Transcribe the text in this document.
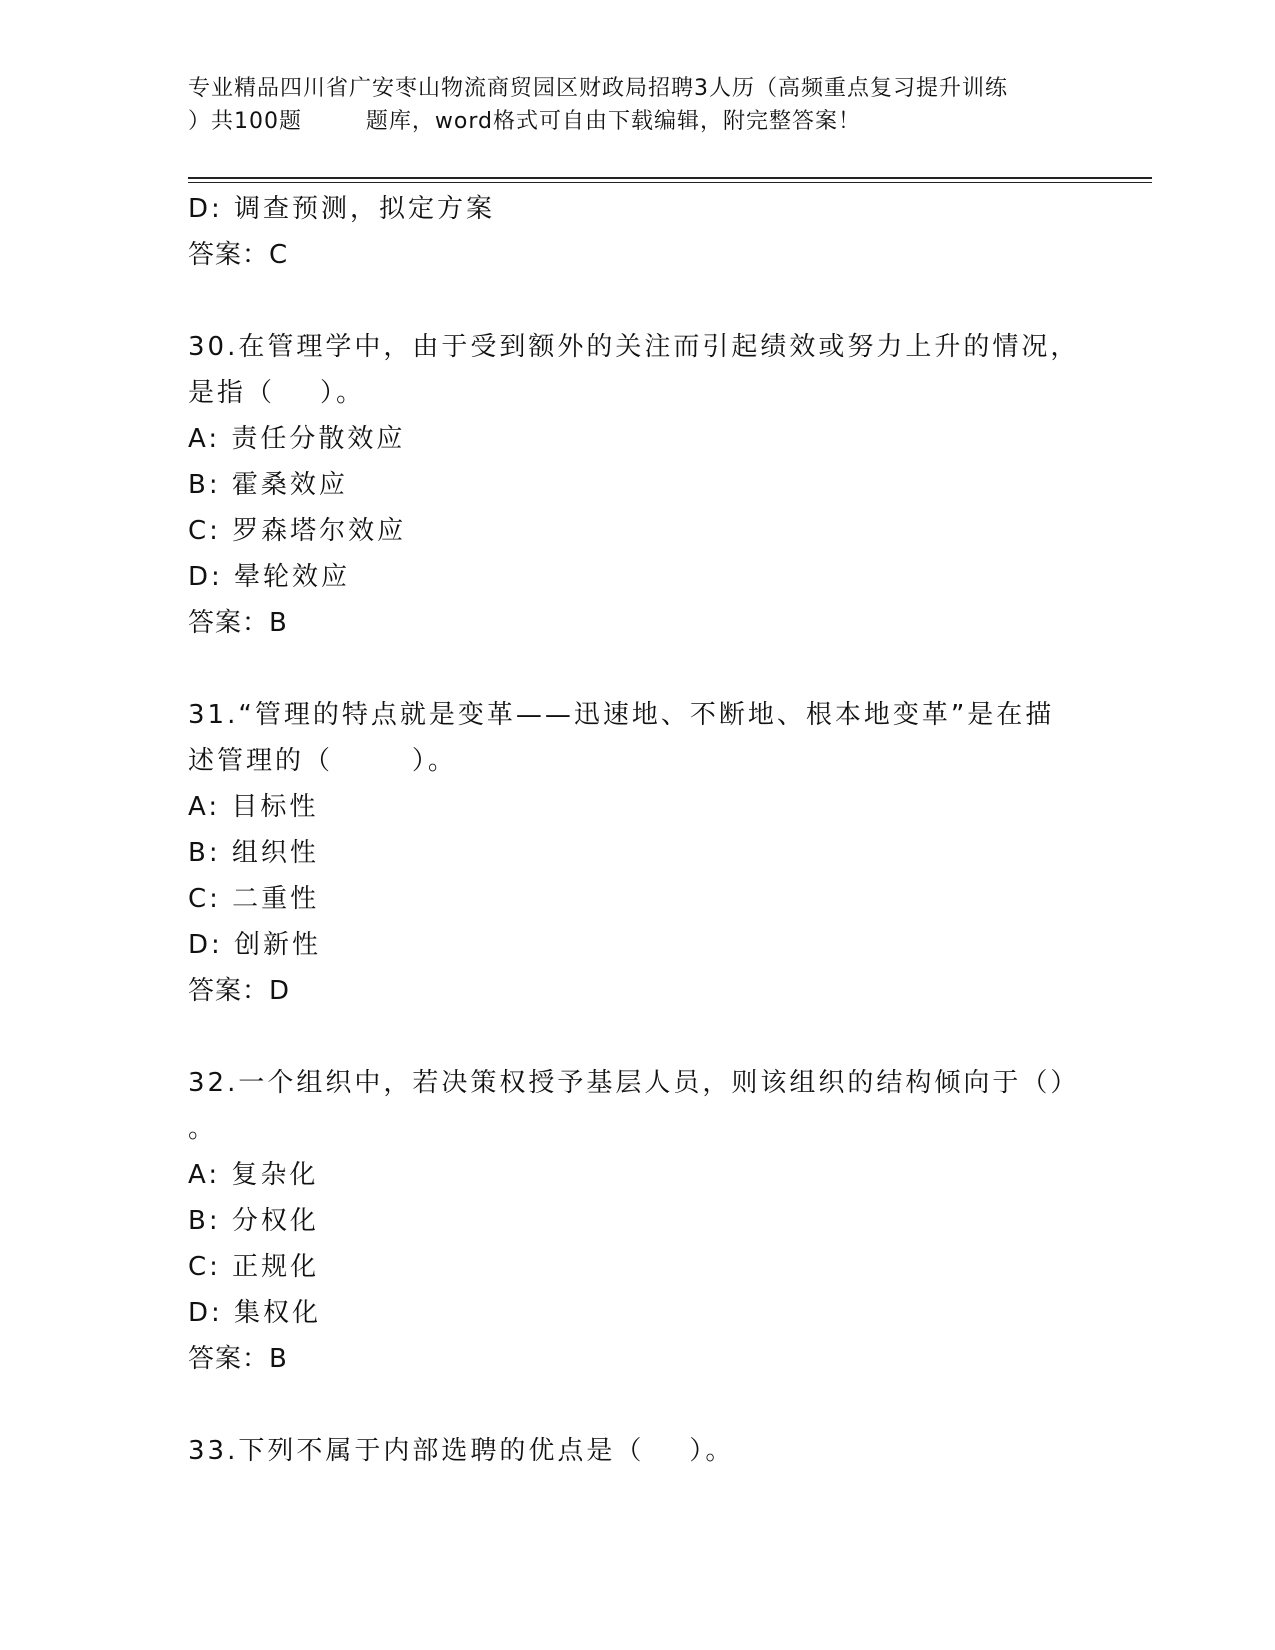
专业精品四川省广安枣山物流商贸园区财政局招聘3人历（高频重点复习提升训练
）共100题        题库，word格式可自由下载编辑，附完整答案！
D: 调查预测，拟定方案
答案：C
30.在管理学中，由于受到额外的关注而引起绩效或努力上升的情况，
是指（    ）。
A: 责任分散效应
B: 霍桑效应
C: 罗森塔尔效应
D: 晕轮效应
答案：B
31.“管理的特点就是变革——迅速地、不断地、根本地变革”是在描
述管理的（       ）。
A: 目标性
B: 组织性
C: 二重性
D: 创新性
答案：D
32.一个组织中，若决策权授予基层人员，则该组织的结构倾向于（）
。
A: 复杂化
B: 分权化
C: 正规化
D: 集权化
答案：B
33.下列不属于内部选聘的优点是（    ）。
